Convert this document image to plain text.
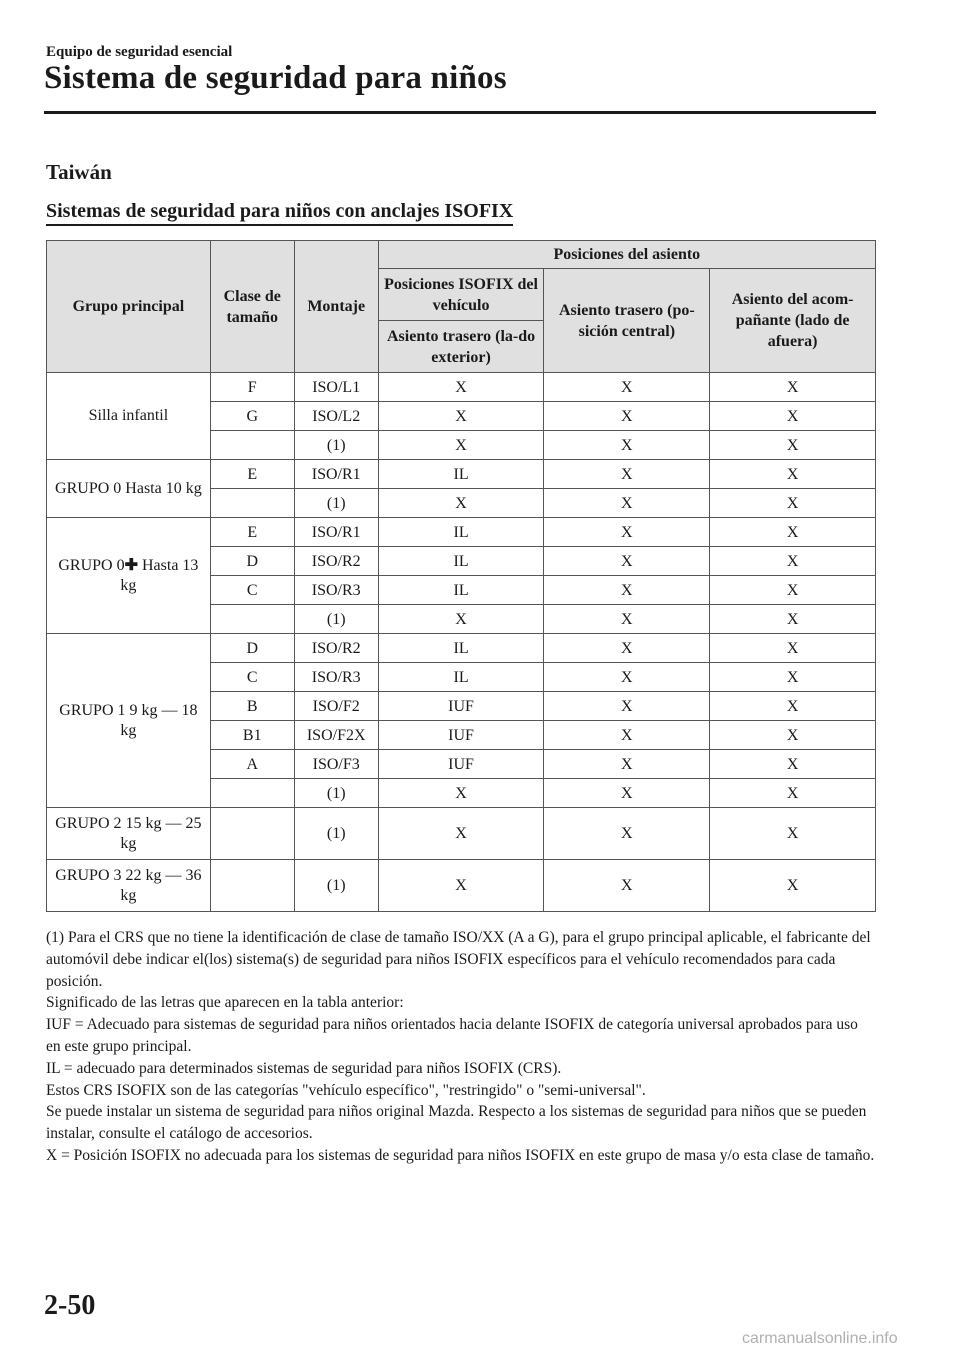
Equipo de seguridad esencial
Sistema de seguridad para niños
Taiwán
Sistemas de seguridad para niños con anclajes ISOFIX
Grupo principal	Clase de tamaño	Montaje	Posiciones del asiento		
			Posiciones ISOFIX del vehículo	Asiento trasero (po-sición central)	Asiento del acom-pañante (lado de afuera)
			Asiento trasero (la-do exterior)		
Silla infantil	F	ISO/L1	X	X	X
	G	ISO/L2	X	X	X
		(1)	X	X	X
GRUPO 0 Hasta 10 kg	E	ISO/R1	IL	X	X
		(1)	X	X	X
GRUPO 0✚ Hasta 13 kg	E	ISO/R1	IL	X	X
	D	ISO/R2	IL	X	X
	C	ISO/R3	IL	X	X
		(1)	X	X	X
GRUPO 1 9 kg ― 18 kg	D	ISO/R2	IL	X	X
	C	ISO/R3	IL	X	X
	B	ISO/F2	IUF	X	X
	B1	ISO/F2X	IUF	X	X
	A	ISO/F3	IUF	X	X
		(1)	X	X	X
GRUPO 2 15 kg ― 25 kg		(1)	X	X	X
GRUPO 3 22 kg ― 36 kg		(1)	X	X	X

(1) Para el CRS que no tiene la identificación de clase de tamaño ISO/XX (A a G), para el grupo principal aplicable, el fabricante del automóvil debe indicar el(los) sistema(s) de seguridad para niños ISOFIX específicos para el vehículo recomendados para cada posición.

Significado de las letras que aparecen en la tabla anterior:

IUF = Adecuado para sistemas de seguridad para niños orientados hacia delante ISOFIX de categoría universal aprobados para uso en este grupo principal.

IL = adecuado para determinados sistemas de seguridad para niños ISOFIX (CRS).

Estos CRS ISOFIX son de las categorías "vehículo específico", "restringido" o "semi-universal".

Se puede instalar un sistema de seguridad para niños original Mazda. Respecto a los sistemas de seguridad para niños que se pueden instalar, consulte el catálogo de accesorios.

X = Posición ISOFIX no adecuada para los sistemas de seguridad para niños ISOFIX en este grupo de masa y/o esta clase de tamaño.

2-50
carmanualsonline.info
